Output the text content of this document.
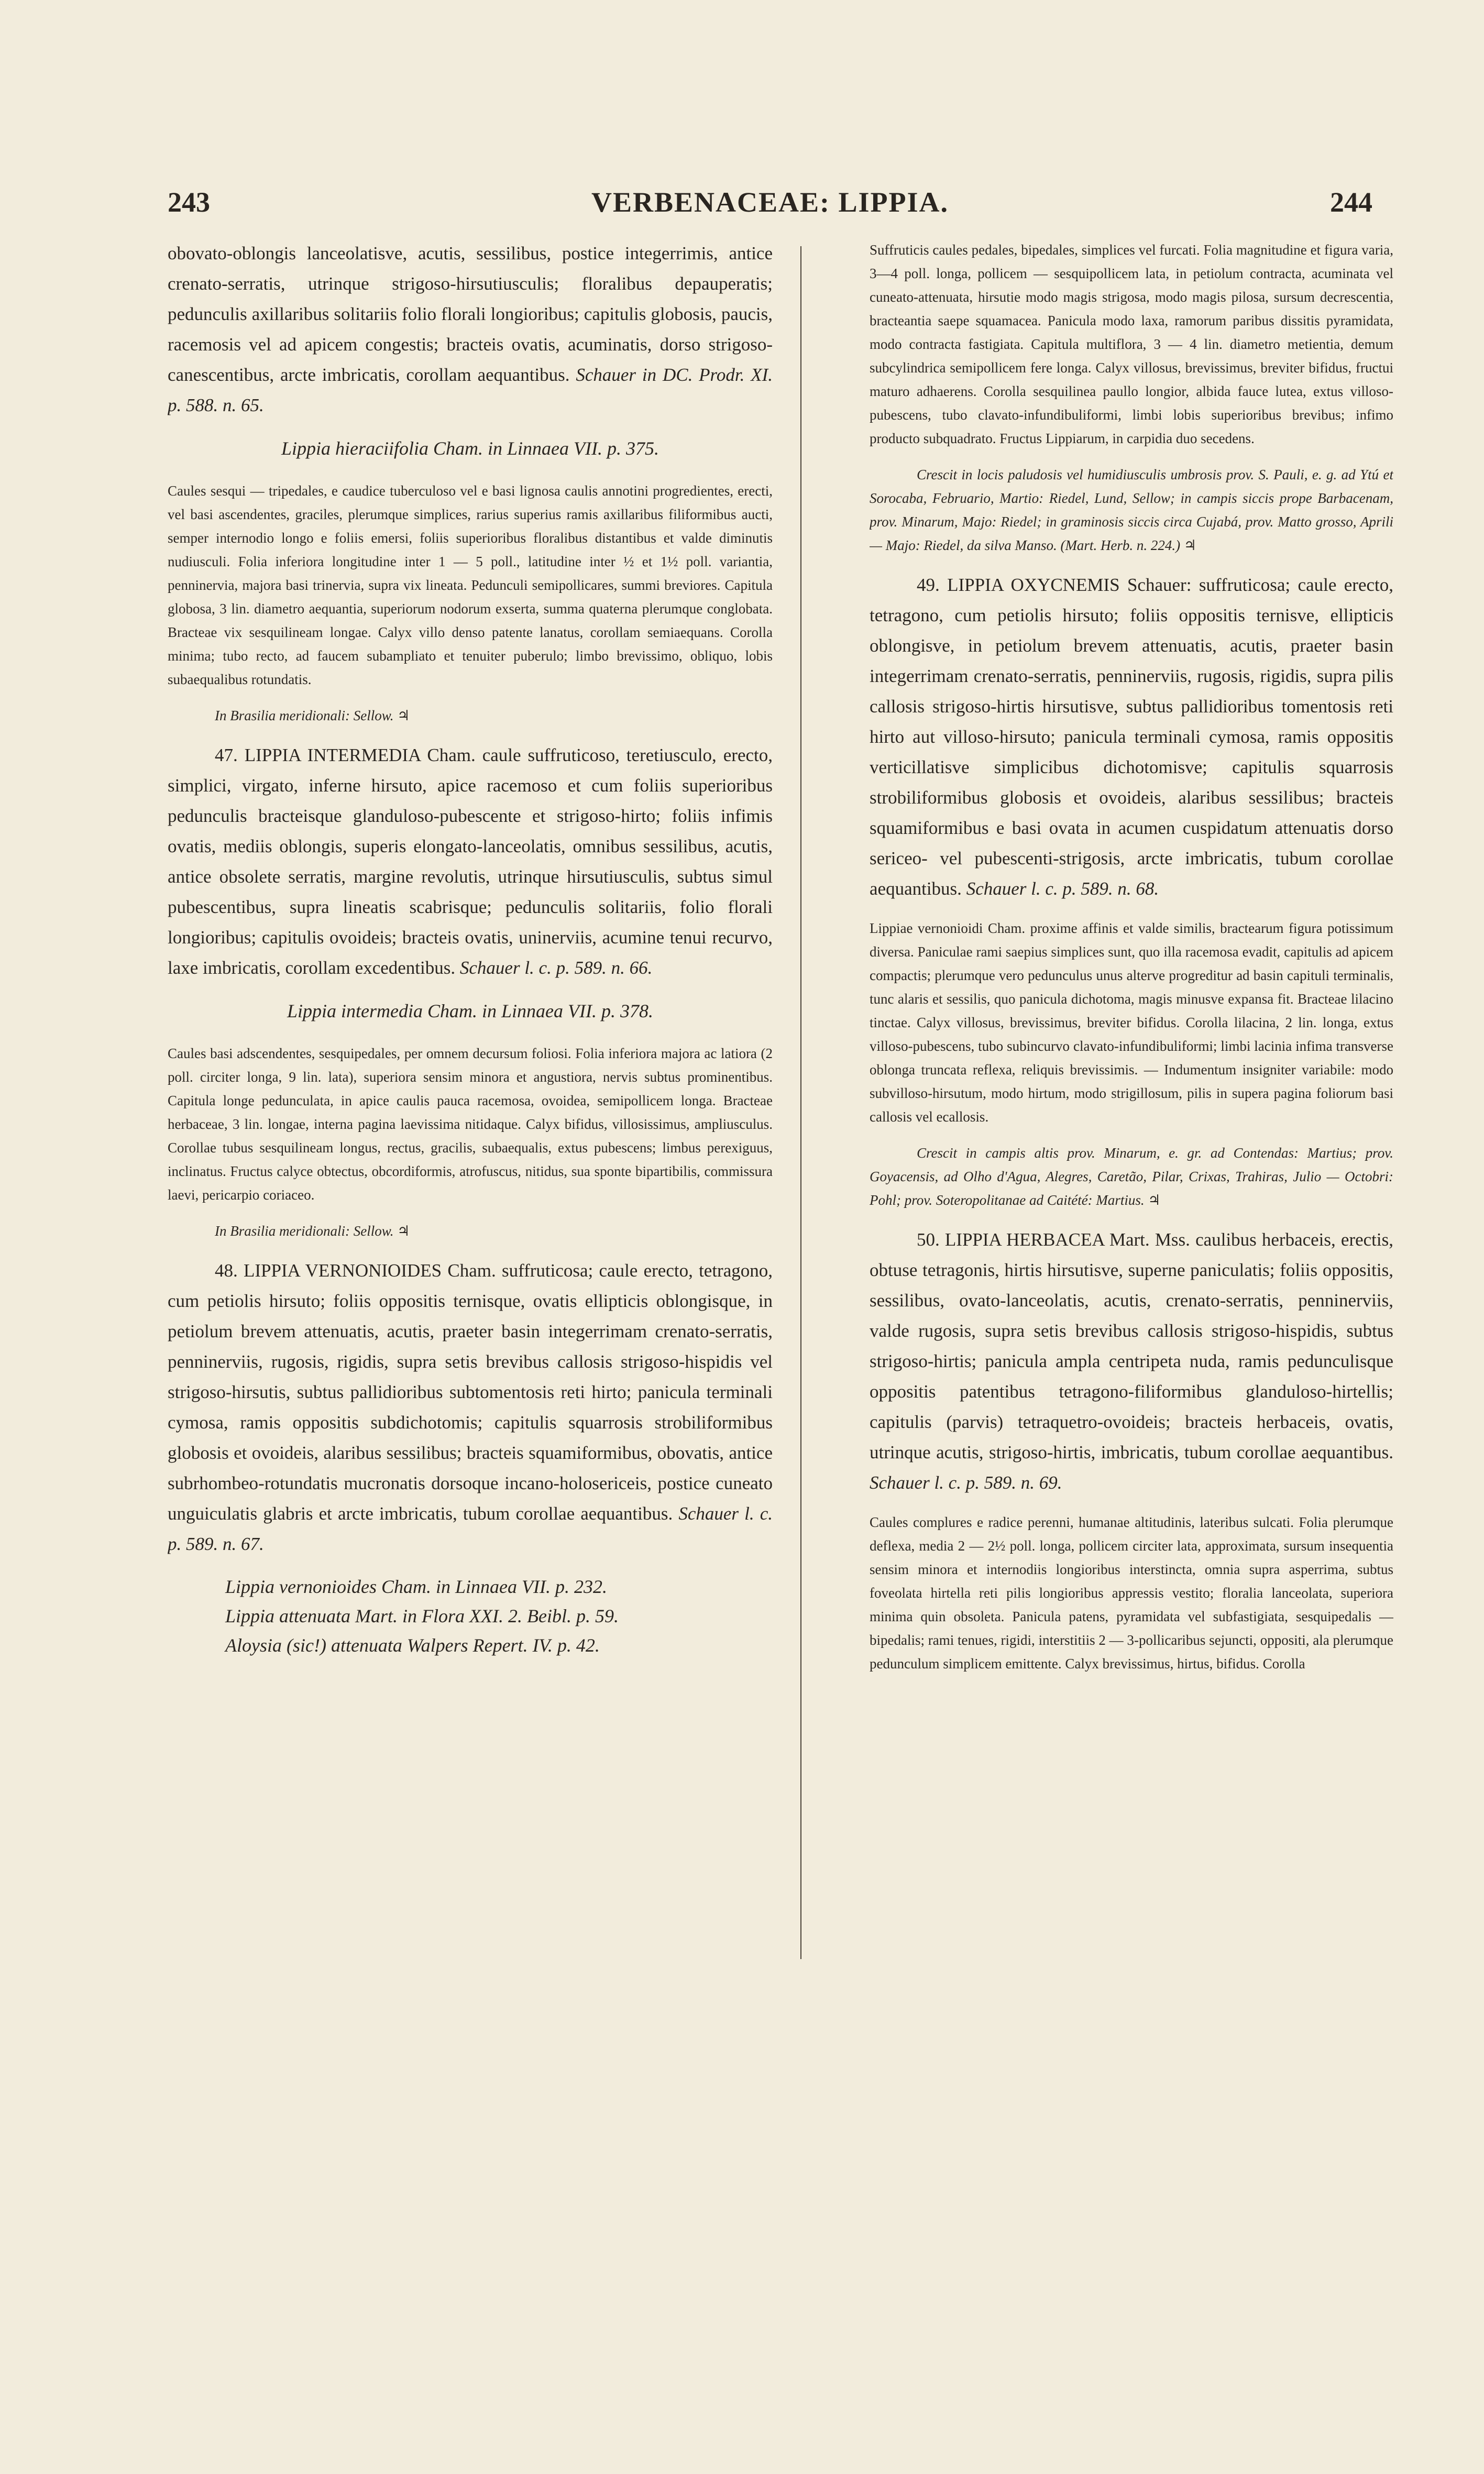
243	VERBENACEAE: LIPPIA.	244

obovato-oblongis lanceolatisve, acutis, sessilibus, postice integerrimis, antice crenato-serratis, utrinque strigoso-hirsutiusculis; floralibus depauperatis; pedunculis axillaribus solitariis folio florali longioribus; capitulis globosis, paucis, racemosis vel ad apicem congestis; bracteis ovatis, acuminatis, dorso strigoso-canescentibus, arcte imbricatis, corollam aequantibus. Schauer in DC. Prodr. XI. p. 588. n. 65.

Lippia hieraciifolia Cham. in Linnaea VII. p. 375.

Caules sesqui — tripedales, e caudice tuberculoso vel e basi lignosa caulis annotini progredientes, erecti, vel basi ascendentes, graciles, plerumque simplices, rarius superius ramis axillaribus filiformibus aucti, semper internodio longo e foliis emersi, foliis superioribus floralibus distantibus et valde diminutis nudiusculi. Folia inferiora longitudine inter 1 — 5 poll., latitudine inter ½ et 1½ poll. variantia, penninervia, majora basi trinervia, supra vix lineata. Pedunculi semipollicares, summi breviores. Capitula globosa, 3 lin. diametro aequantia, superiorum nodorum exserta, summa quaterna plerumque conglobata. Bracteae vix sesquilineam longae. Calyx villo denso patente lanatus, corollam semiaequans. Corolla minima; tubo recto, ad faucem subampliato et tenuiter puberulo; limbo brevissimo, obliquo, lobis subaequalibus rotundatis.

In Brasilia meridionali: Sellow. ♃

47. LIPPIA INTERMEDIA Cham. caule suffruticoso, teretiusculo, erecto, simplici, virgato, inferne hirsuto, apice racemoso et cum foliis superioribus pedunculis bracteisque glanduloso-pubescente et strigoso-hirto; foliis infimis ovatis, mediis oblongis, superis elongato-lanceolatis, omnibus sessilibus, acutis, antice obsolete serratis, margine revolutis, utrinque hirsutiusculis, subtus simul pubescentibus, supra lineatis scabrisque; pedunculis solitariis, folio florali longioribus; capitulis ovoideis; bracteis ovatis, uninerviis, acumine tenui recurvo, laxe imbricatis, corollam excedentibus. Schauer l. c. p. 589. n. 66.

Lippia intermedia Cham. in Linnaea VII. p. 378.

Caules basi adscendentes, sesquipedales, per omnem decursum foliosi. Folia inferiora majora ac latiora (2 poll. circiter longa, 9 lin. lata), superiora sensim minora et angustiora, nervis subtus prominentibus. Capitula longe pedunculata, in apice caulis pauca racemosa, ovoidea, semipollicem longa. Bracteae herbaceae, 3 lin. longae, interna pagina laevissima nitidaque. Calyx bifidus, villosissimus, ampliusculus. Corollae tubus sesquilineam longus, rectus, gracilis, subaequalis, extus pubescens; limbus perexiguus, inclinatus. Fructus calyce obtectus, obcordiformis, atrofuscus, nitidus, sua sponte bipartibilis, commissura laevi, pericarpio coriaceo.

In Brasilia meridionali: Sellow. ♃

48. LIPPIA VERNONIOIDES Cham. suffruticosa; caule erecto, tetragono, cum petiolis hirsuto; foliis oppositis ternisque, ovatis ellipticis oblongisque, in petiolum brevem attenuatis, acutis, praeter basin integerrimam crenato-serratis, penninerviis, rugosis, rigidis, supra setis brevibus callosis strigoso-hispidis vel strigoso-hirsutis, subtus pallidioribus subtomentosis reti hirto; panicula terminali cymosa, ramis oppositis subdichotomis; capitulis squarrosis strobiliformibus globosis et ovoideis, alaribus sessilibus; bracteis squamiformibus, obovatis, antice subrhombeo-rotundatis mucronatis dorsoque incano-holosericeis, postice cuneato unguiculatis glabris et arcte imbricatis, tubum corollae aequantibus. Schauer l. c. p. 589. n. 67.

Lippia vernonioides Cham. in Linnaea VII. p. 232.

Lippia attenuata Mart. in Flora XXI. 2. Beibl. p. 59.

Aloysia (sic!) attenuata Walpers Repert. IV. p. 42.

Suffruticis caules pedales, bipedales, simplices vel furcati. Folia magnitudine et figura varia, 3—4 poll. longa, pollicem — sesquipollicem lata, in petiolum contracta, acuminata vel cuneato-attenuata, hirsutie modo magis strigosa, modo magis pilosa, sursum decrescentia, bracteantia saepe squamacea. Panicula modo laxa, ramorum paribus dissitis pyramidata, modo contracta fastigiata. Capitula multiflora, 3 — 4 lin. diametro metientia, demum subcylindrica semipollicem fere longa. Calyx villosus, brevissimus, breviter bifidus, fructui maturo adhaerens. Corolla sesquilinea paullo longior, albida fauce lutea, extus villoso-pubescens, tubo clavato-infundibuliformi, limbi lobis superioribus brevibus; infimo producto subquadrato. Fructus Lippiarum, in carpidia duo secedens.

Crescit in locis paludosis vel humidiusculis umbrosis prov. S. Pauli, e. g. ad Ytú et Sorocaba, Februario, Martio: Riedel, Lund, Sellow; in campis siccis prope Barbacenam, prov. Minarum, Majo: Riedel; in graminosis siccis circa Cujabá, prov. Matto grosso, Aprili — Majo: Riedel, da silva Manso. (Mart. Herb. n. 224.) ♃

49. LIPPIA OXYCNEMIS Schauer: suffruticosa; caule erecto, tetragono, cum petiolis hirsuto; foliis oppositis ternisve, ellipticis oblongisve, in petiolum brevem attenuatis, acutis, praeter basin integerrimam crenato-serratis, penninerviis, rugosis, rigidis, supra pilis callosis strigoso-hirtis hirsutisve, subtus pallidioribus tomentosis reti hirto aut villoso-hirsuto; panicula terminali cymosa, ramis oppositis verticillatisve simplicibus dichotomisve; capitulis squarrosis strobiliformibus globosis et ovoideis, alaribus sessilibus; bracteis squamiformibus e basi ovata in acumen cuspidatum attenuatis dorso sericeo- vel pubescenti-strigosis, arcte imbricatis, tubum corollae aequantibus. Schauer l. c. p. 589. n. 68.

Lippiae vernonioidi Cham. proxime affinis et valde similis, bractearum figura potissimum diversa. Paniculae rami saepius simplices sunt, quo illa racemosa evadit, capitulis ad apicem compactis; plerumque vero pedunculus unus alterve progreditur ad basin capituli terminalis, tunc alaris et sessilis, quo panicula dichotoma, magis minusve expansa fit. Bracteae lilacino tinctae. Calyx villosus, brevissimus, breviter bifidus. Corolla lilacina, 2 lin. longa, extus villoso-pubescens, tubo subincurvo clavato-infundibuliformi; limbi lacinia infima transverse oblonga truncata reflexa, reliquis brevissimis. — Indumentum insigniter variabile: modo subvilloso-hirsutum, modo hirtum, modo strigillosum, pilis in supera pagina foliorum basi callosis vel ecallosis.

Crescit in campis altis prov. Minarum, e. gr. ad Contendas: Martius; prov. Goyacensis, ad Olho d'Agua, Alegres, Caretão, Pilar, Crixas, Trahiras, Julio — Octobri: Pohl; prov. Soteropolitanae ad Caitété: Martius. ♃

50. LIPPIA HERBACEA Mart. Mss. caulibus herbaceis, erectis, obtuse tetragonis, hirtis hirsutisve, superne paniculatis; foliis oppositis, sessilibus, ovato-lanceolatis, acutis, crenato-serratis, penninerviis, valde rugosis, supra setis brevibus callosis strigoso-hispidis, subtus strigoso-hirtis; panicula ampla centripeta nuda, ramis pedunculisque oppositis patentibus tetragono-filiformibus glanduloso-hirtellis; capitulis (parvis) tetraquetro-ovoideis; bracteis herbaceis, ovatis, utrinque acutis, strigoso-hirtis, imbricatis, tubum corollae aequantibus. Schauer l. c. p. 589. n. 69.

Caules complures e radice perenni, humanae altitudinis, lateribus sulcati. Folia plerumque deflexa, media 2 — 2½ poll. longa, pollicem circiter lata, approximata, sursum insequentia sensim minora et internodiis longioribus interstincta, omnia supra asperrima, subtus foveolata hirtella reti pilis longioribus appressis vestito; floralia lanceolata, superiora minima quin obsoleta. Panicula patens, pyramidata vel subfastigiata, sesquipedalis — bipedalis; rami tenues, rigidi, interstitiis 2 — 3-pollicaribus sejuncti, oppositi, ala plerumque pedunculum simplicem emittente. Calyx brevissimus, hirtus, bifidus. Corolla
